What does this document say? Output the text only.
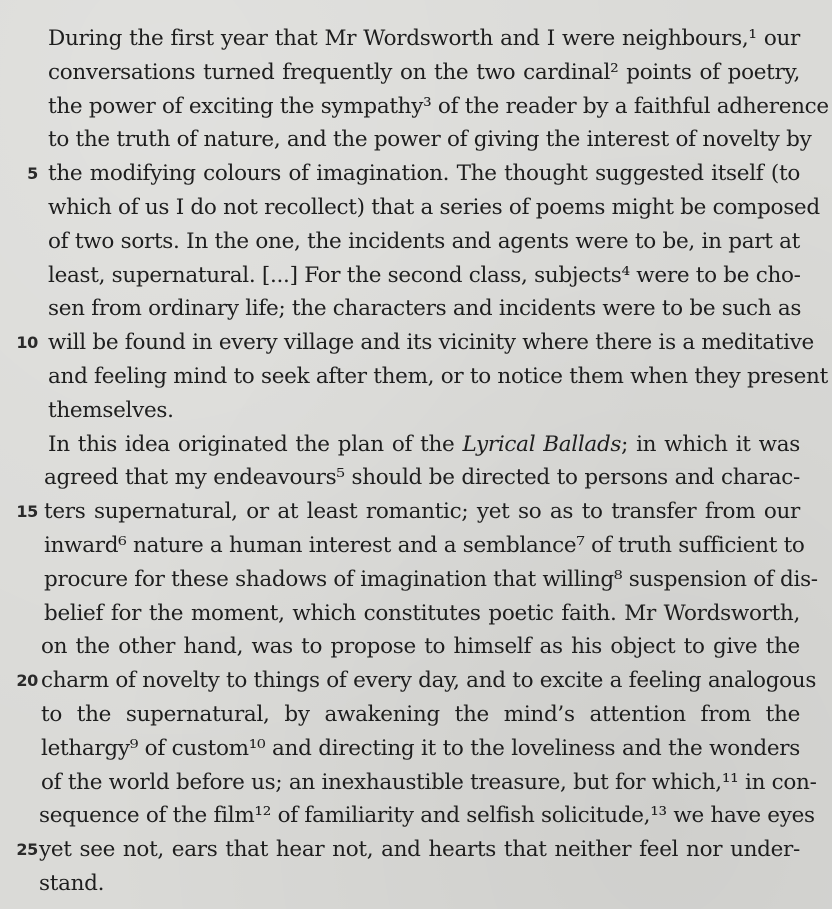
During the first year that Mr Wordsworth and I were neighbours,¹ our
conversations turned frequently on the two cardinal² points of poetry,
the power of exciting the sympathy³ of the reader by a faithful adherence
to the truth of nature, and the power of giving the interest of novelty by
5 the modifying colours of imagination. The thought suggested itself (to
which of us I do not recollect) that a series of poems might be composed
of two sorts. In the one, the incidents and agents were to be, in part at
least, supernatural. [...] For the second class, subjects⁴ were to be cho-
sen from ordinary life; the characters and incidents were to be such as
10 will be found in every village and its vicinity where there is a meditative
and feeling mind to seek after them, or to notice them when they present
themselves.
In this idea originated the plan of the Lyrical Ballads; in which it was
agreed that my endeavours⁵ should be directed to persons and charac-
15 ters supernatural, or at least romantic; yet so as to transfer from our
inward⁶ nature a human interest and a semblance⁷ of truth sufficient to
procure for these shadows of imagination that willing⁸ suspension of dis-
belief for the moment, which constitutes poetic faith. Mr Wordsworth,
on the other hand, was to propose to himself as his object to give the
20 charm of novelty to things of every day, and to excite a feeling analogous
to the supernatural, by awakening the mind’s attention from the
lethargy⁹ of custom¹⁰ and directing it to the loveliness and the wonders
of the world before us; an inexhaustible treasure, but for which,¹¹ in con-
sequence of the film¹² of familiarity and selfish solicitude,¹³ we have eyes
25 yet see not, ears that hear not, and hearts that neither feel nor under-
stand.
